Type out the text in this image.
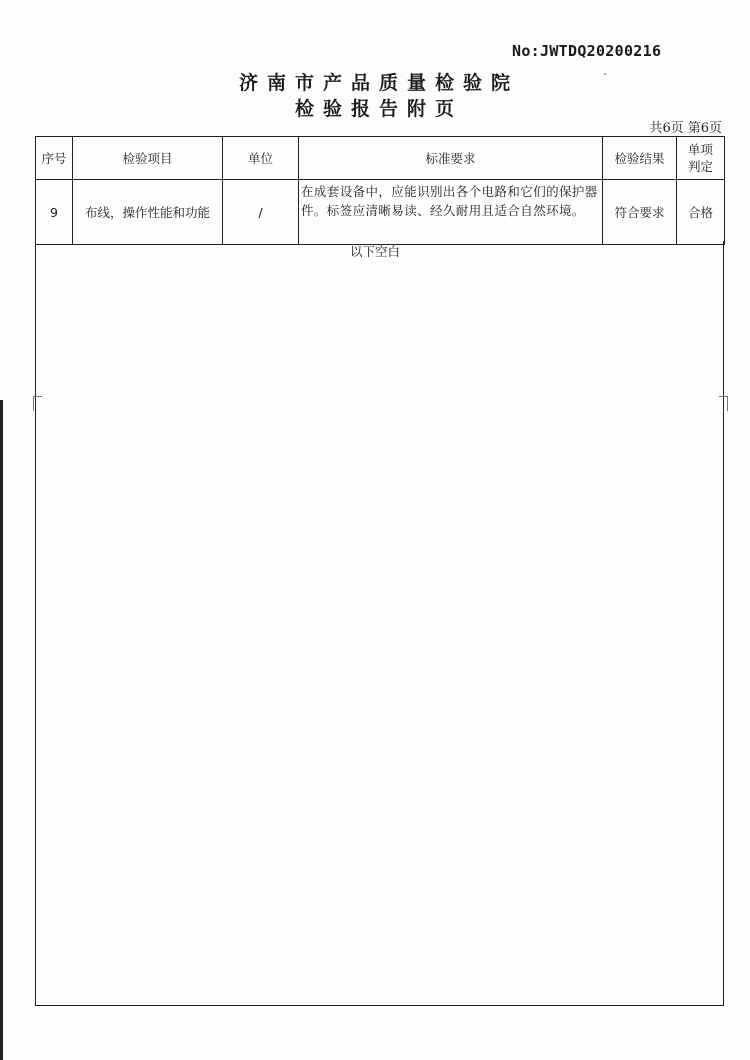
No:JWTDQ20200216
`
济南市产品质量检验院
检验报告附页
共6页 第6页
序号	检验项目	单位	标准要求	检验结果	单项判定
9	布线，操作性能和功能	/	在成套设备中，应能识别出各个电路和它们的保护器件。标签应清晰易读、经久耐用且适合自然环境。	符合要求	合格
以下空白
